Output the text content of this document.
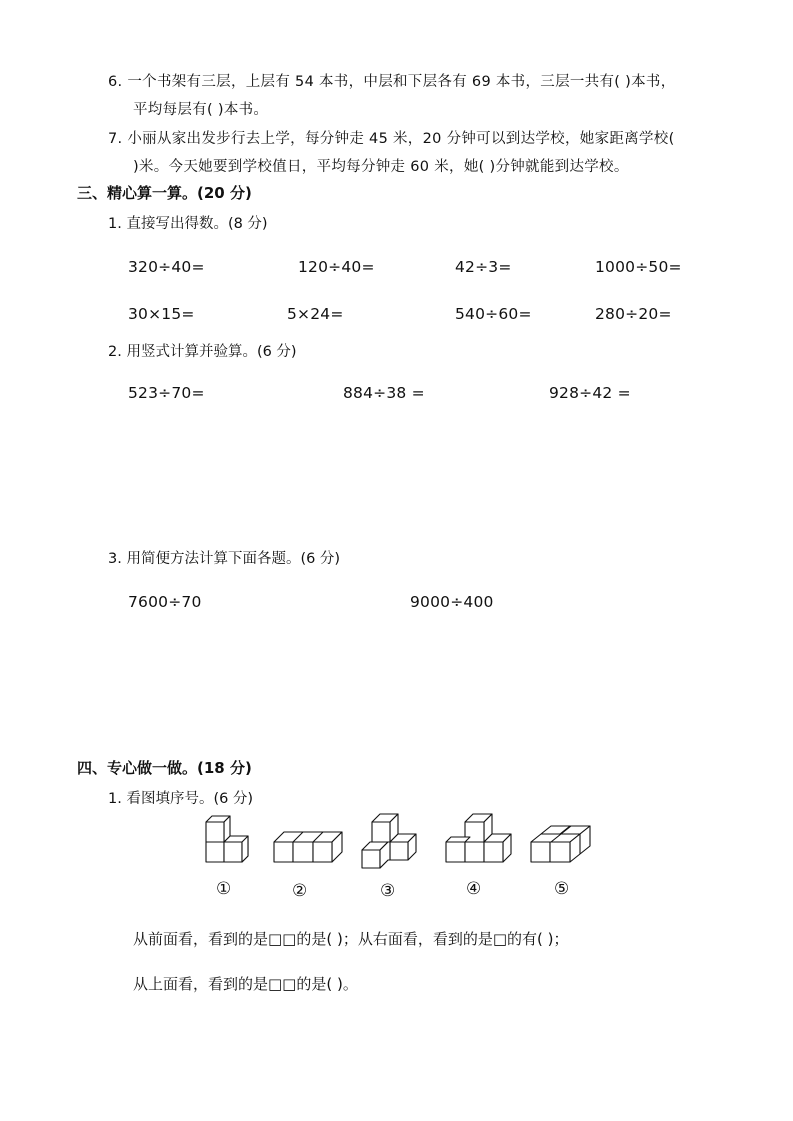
6. 一个书架有三层，上层有 54 本书，中层和下层各有 69 本书，三层一共有( )本书，
平均每层有( )本书。
7. 小丽从家出发步行去上学，每分钟走 45 米，20 分钟可以到达学校，她家距离学校(
)米。今天她要到学校值日，平均每分钟走 60 米，她( )分钟就能到达学校。
三、精心算一算。(20 分)
1. 直接写出得数。(8 分)
320÷40=	120÷40=	42÷3=	1000÷50=
30×15=	5×24=	540÷60=	280÷20=
2. 用竖式计算并验算。(6 分)
523÷70=	884÷38 =	928÷42 =
3. 用简便方法计算下面各题。(6 分)
7600÷70	9000÷400
四、专心做一做。(18 分)
1. 看图填序号。(6 分)
①	②	③	④	⑤
从前面看，看到的是□□的是( )；从右面看，看到的是□的有( )；
从上面看，看到的是□□的是( )。
